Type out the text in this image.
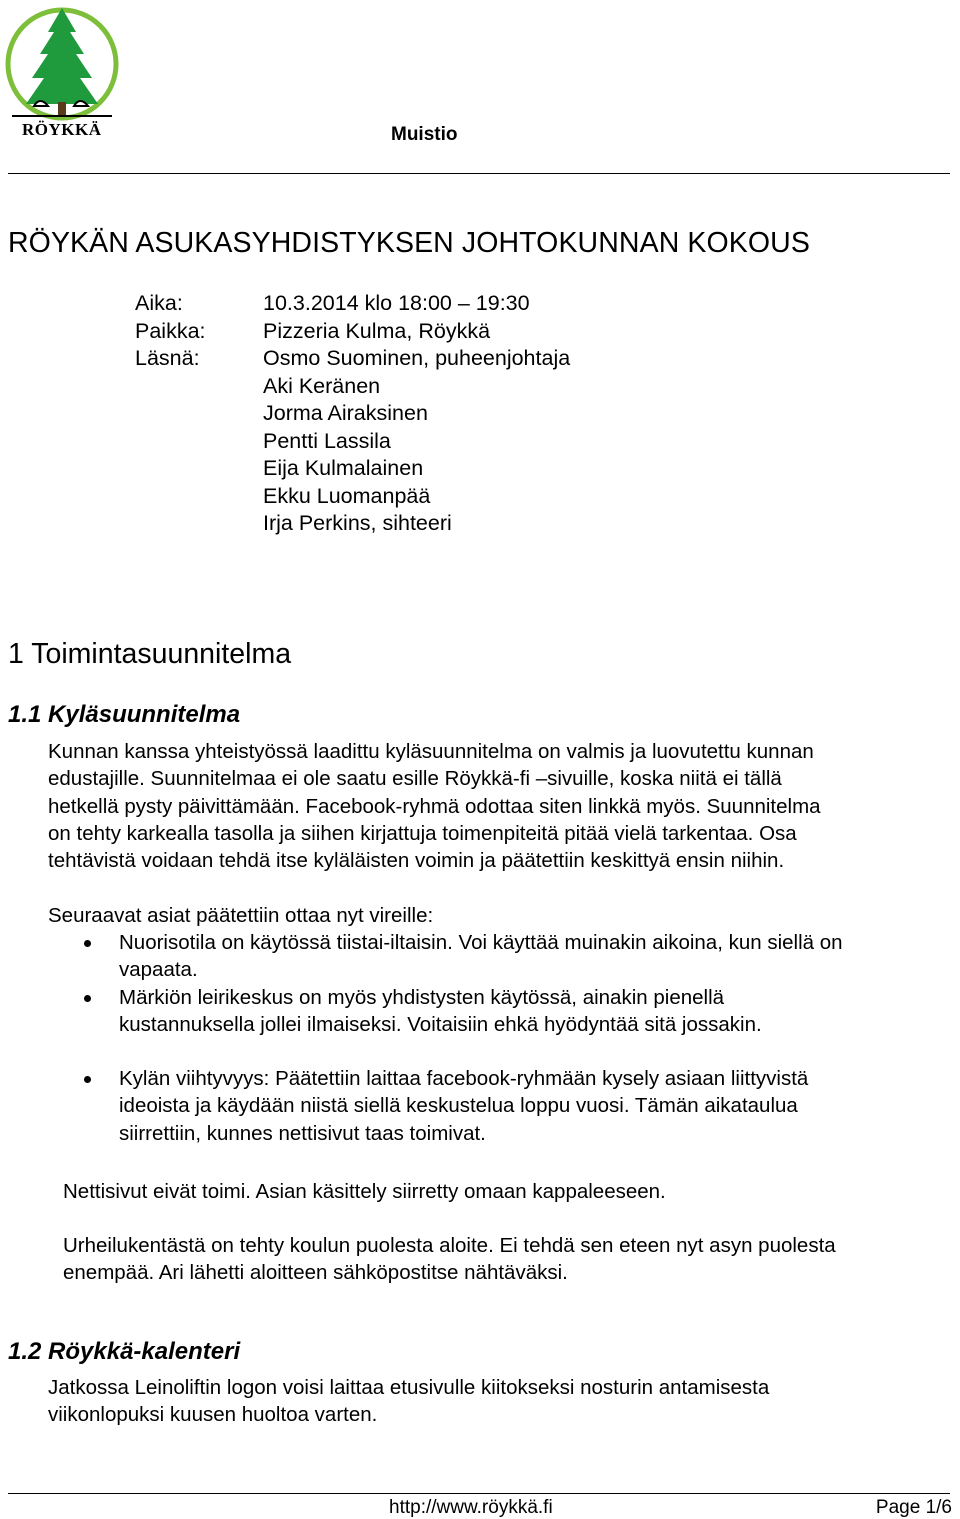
RÖYKKÄ	Muistio
RÖYKÄN ASUKASYHDISTYKSEN JOHTOKUNNAN KOKOUS
Aika:	10.3.2014 klo 18:00 – 19:30
Paikka:	Pizzeria Kulma, Röykkä
Läsnä:	Osmo Suominen, puheenjohtaja
Aki Keränen
Jorma Airaksinen
Pentti Lassila
Eija Kulmalainen
Ekku Luomanpää
Irja Perkins, sihteeri
1 Toimintasuunnitelma
1.1 Kyläsuunnitelma
Kunnan kanssa yhteistyössä laadittu kyläsuunnitelma on valmis ja luovutettu kunnan
edustajille. Suunnitelmaa ei ole saatu esille Röykkä-fi –sivuille, koska niitä ei tällä
hetkellä pysty päivittämään. Facebook-ryhmä odottaa siten linkkä myös. Suunnitelma
on tehty karkealla tasolla ja siihen kirjattuja toimenpiteitä pitää vielä tarkentaa. Osa
tehtävistä voidaan tehdä itse kyläläisten voimin ja päätettiin keskittyä ensin niihin.
Seuraavat asiat päätettiin ottaa nyt vireille:
Nuorisotila on käytössä tiistai-iltaisin. Voi käyttää muinakin aikoina, kun siellä on
vapaata.
Märkiön leirikeskus on myös yhdistysten käytössä, ainakin pienellä
kustannuksella jollei ilmaiseksi. Voitaisiin ehkä hyödyntää sitä jossakin.
Kylän viihtyvyys: Päätettiin laittaa facebook-ryhmään kysely asiaan liittyvistä
ideoista ja käydään niistä siellä keskustelua loppu vuosi. Tämän aikataulua
siirrettiin, kunnes nettisivut taas toimivat.
Nettisivut eivät toimi. Asian käsittely siirretty omaan kappaleeseen.
Urheilukentästä on tehty koulun puolesta aloite. Ei tehdä sen eteen nyt asyn puolesta
enempää. Ari lähetti aloitteen sähköpostitse nähtäväksi.
1.2 Röykkä-kalenteri
Jatkossa Leinoliftin logon voisi laittaa etusivulle kiitokseksi nosturin antamisesta
viikonlopuksi kuusen huoltoa varten.
http://www.röykkä.fi	Page 1/6
